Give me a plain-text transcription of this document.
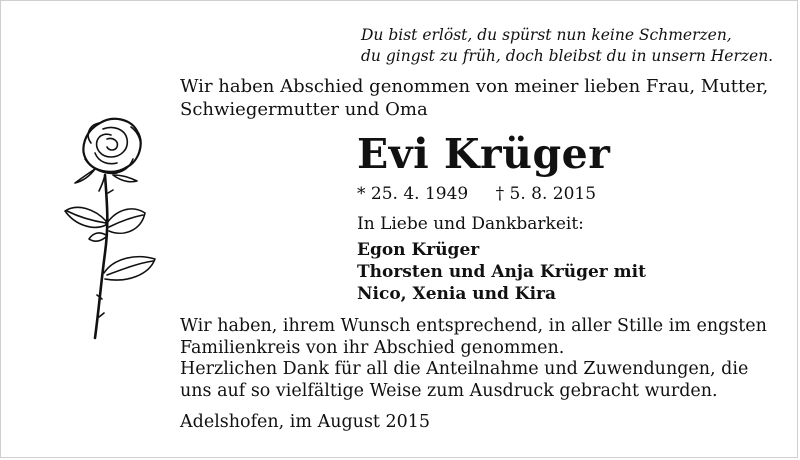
Du bist erlöst, du spürst nun keine Schmerzen,
du gingst zu früh, doch bleibst du in unsern Herzen.
Wir haben Abschied genommen von meiner lieben Frau, Mutter,
Schwiegermutter und Oma
Evi Krüger
* 25. 4. 1949 † 5. 8. 2015
In Liebe und Dankbarkeit:
Egon Krüger
Thorsten und Anja Krüger mit
Nico, Xenia und Kira
Wir haben, ihrem Wunsch entsprechend, in aller Stille im engsten
Familienkreis von ihr Abschied genommen.
Herzlichen Dank für all die Anteilnahme und Zuwendungen, die
uns auf so vielfältige Weise zum Ausdruck gebracht wurden.
Adelshofen, im August 2015
